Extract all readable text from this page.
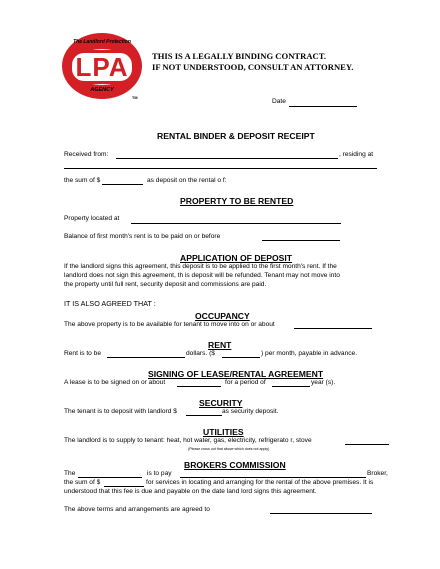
The Landlord Protection
LPA
AGENCY
TM
THIS IS A LEGALLY BINDING CONTRACT.
IF NOT UNDERSTOOD, CONSULT AN ATTORNEY.
Date
RENTAL BINDER & DEPOSIT RECEIPT
Received from:	, residing at
the sum of $	as deposit on the rental o f:
PROPERTY TO BE RENTED
Property located at
Balance of first month's rent is to be paid on or before
APPLICATION OF DEPOSIT
If the landlord signs this agreement, this deposit is to be applied to the first month's rent. If the
landlord does not sign this agreement, th is deposit will be refunded. Tenant may not move into
the property until full rent, security deposit and commissions are paid.
IT IS ALSO AGREED THAT :
OCCUPANCY
The above property is to be available for tenant to move into on or about
RENT
Rent is to be	dollars. ($	) per month, payable in advance.
SIGNING OF LEASE/RENTAL AGREEMENT
A lease is to be signed on or about	for a period of	year (s).
SECURITY
The tenant is to deposit with landlord $	as security deposit.
UTILITIES
The landlord is to supply to tenant: heat, hot water, gas, electricity, refrigerato r, stove
(Please cross out that above which does not apply)
BROKERS COMMISSION
The	is to pay	Broker,
the sum of $	for services in locating and arranging for the rental of the above premises. It is
understood that this fee is due and payable on the date land lord signs this agreement.
The above terms and arrangements are agreed to
